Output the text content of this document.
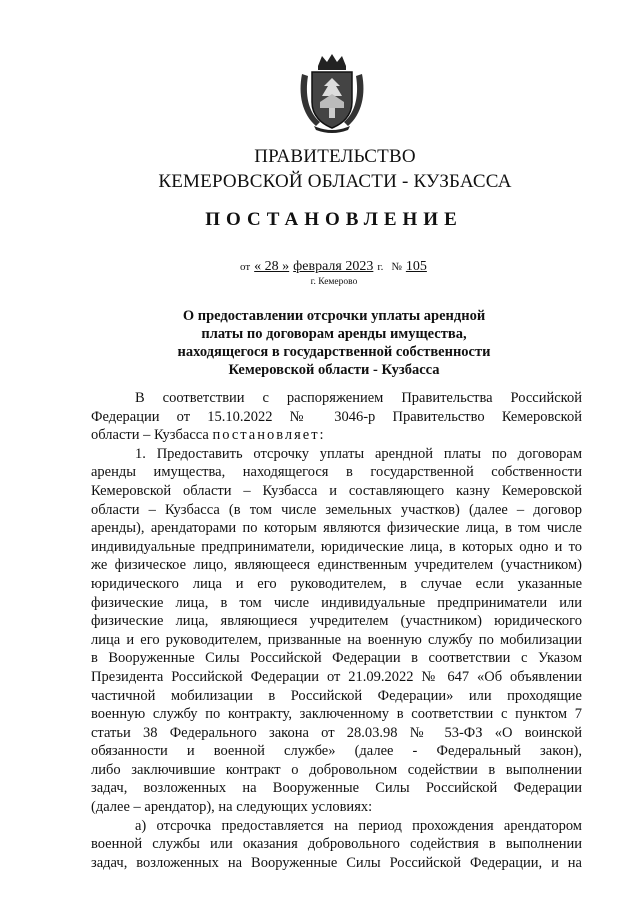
ПРАВИТЕЛЬСТВО
КЕМЕРОВСКОЙ ОБЛАСТИ - КУЗБАССА
ПОСТАНОВЛЕНИЕ
от « 28 » февраля 2023 г. № 105
г. Кемерово
О предоставлении отсрочки уплаты арендной
платы по договорам аренды имущества,
находящегося в государственной собственности
Кемеровской области - Кузбасса
В соответствии с распоряжением Правительства Российской
Федерации от 15.10.2022 № 3046-р Правительство Кемеровской
области – Кузбасса постановляет:
1. Предоставить отсрочку уплаты арендной платы по договорам
аренды имущества, находящегося в государственной собственности
Кемеровской области – Кузбасса и составляющего казну Кемеровской
области – Кузбасса (в том числе земельных участков) (далее – договор
аренды), арендаторами по которым являются физические лица, в том числе
индивидуальные предприниматели, юридические лица, в которых одно и то
же физическое лицо, являющееся единственным учредителем (участником)
юридического лица и его руководителем, в случае если указанные
физические лица, в том числе индивидуальные предприниматели или
физические лица, являющиеся учредителем (участником) юридического
лица и его руководителем, призванные на военную службу по мобилизации
в Вооруженные Силы Российской Федерации в соответствии с Указом
Президента Российской Федерации от 21.09.2022 № 647 «Об объявлении
частичной мобилизации в Российской Федерации» или проходящие
военную службу по контракту, заключенному в соответствии с пунктом 7
статьи 38 Федерального закона от 28.03.98 № 53-ФЗ «О воинской
обязанности и военной службе» (далее - Федеральный закон),
либо заключившие контракт о добровольном содействии в выполнении
задач, возложенных на Вооруженные Силы Российской Федерации
(далее – арендатор), на следующих условиях:
а) отсрочка предоставляется на период прохождения арендатором
военной службы или оказания добровольного содействия в выполнении
задач, возложенных на Вооруженные Силы Российской Федерации, и на
